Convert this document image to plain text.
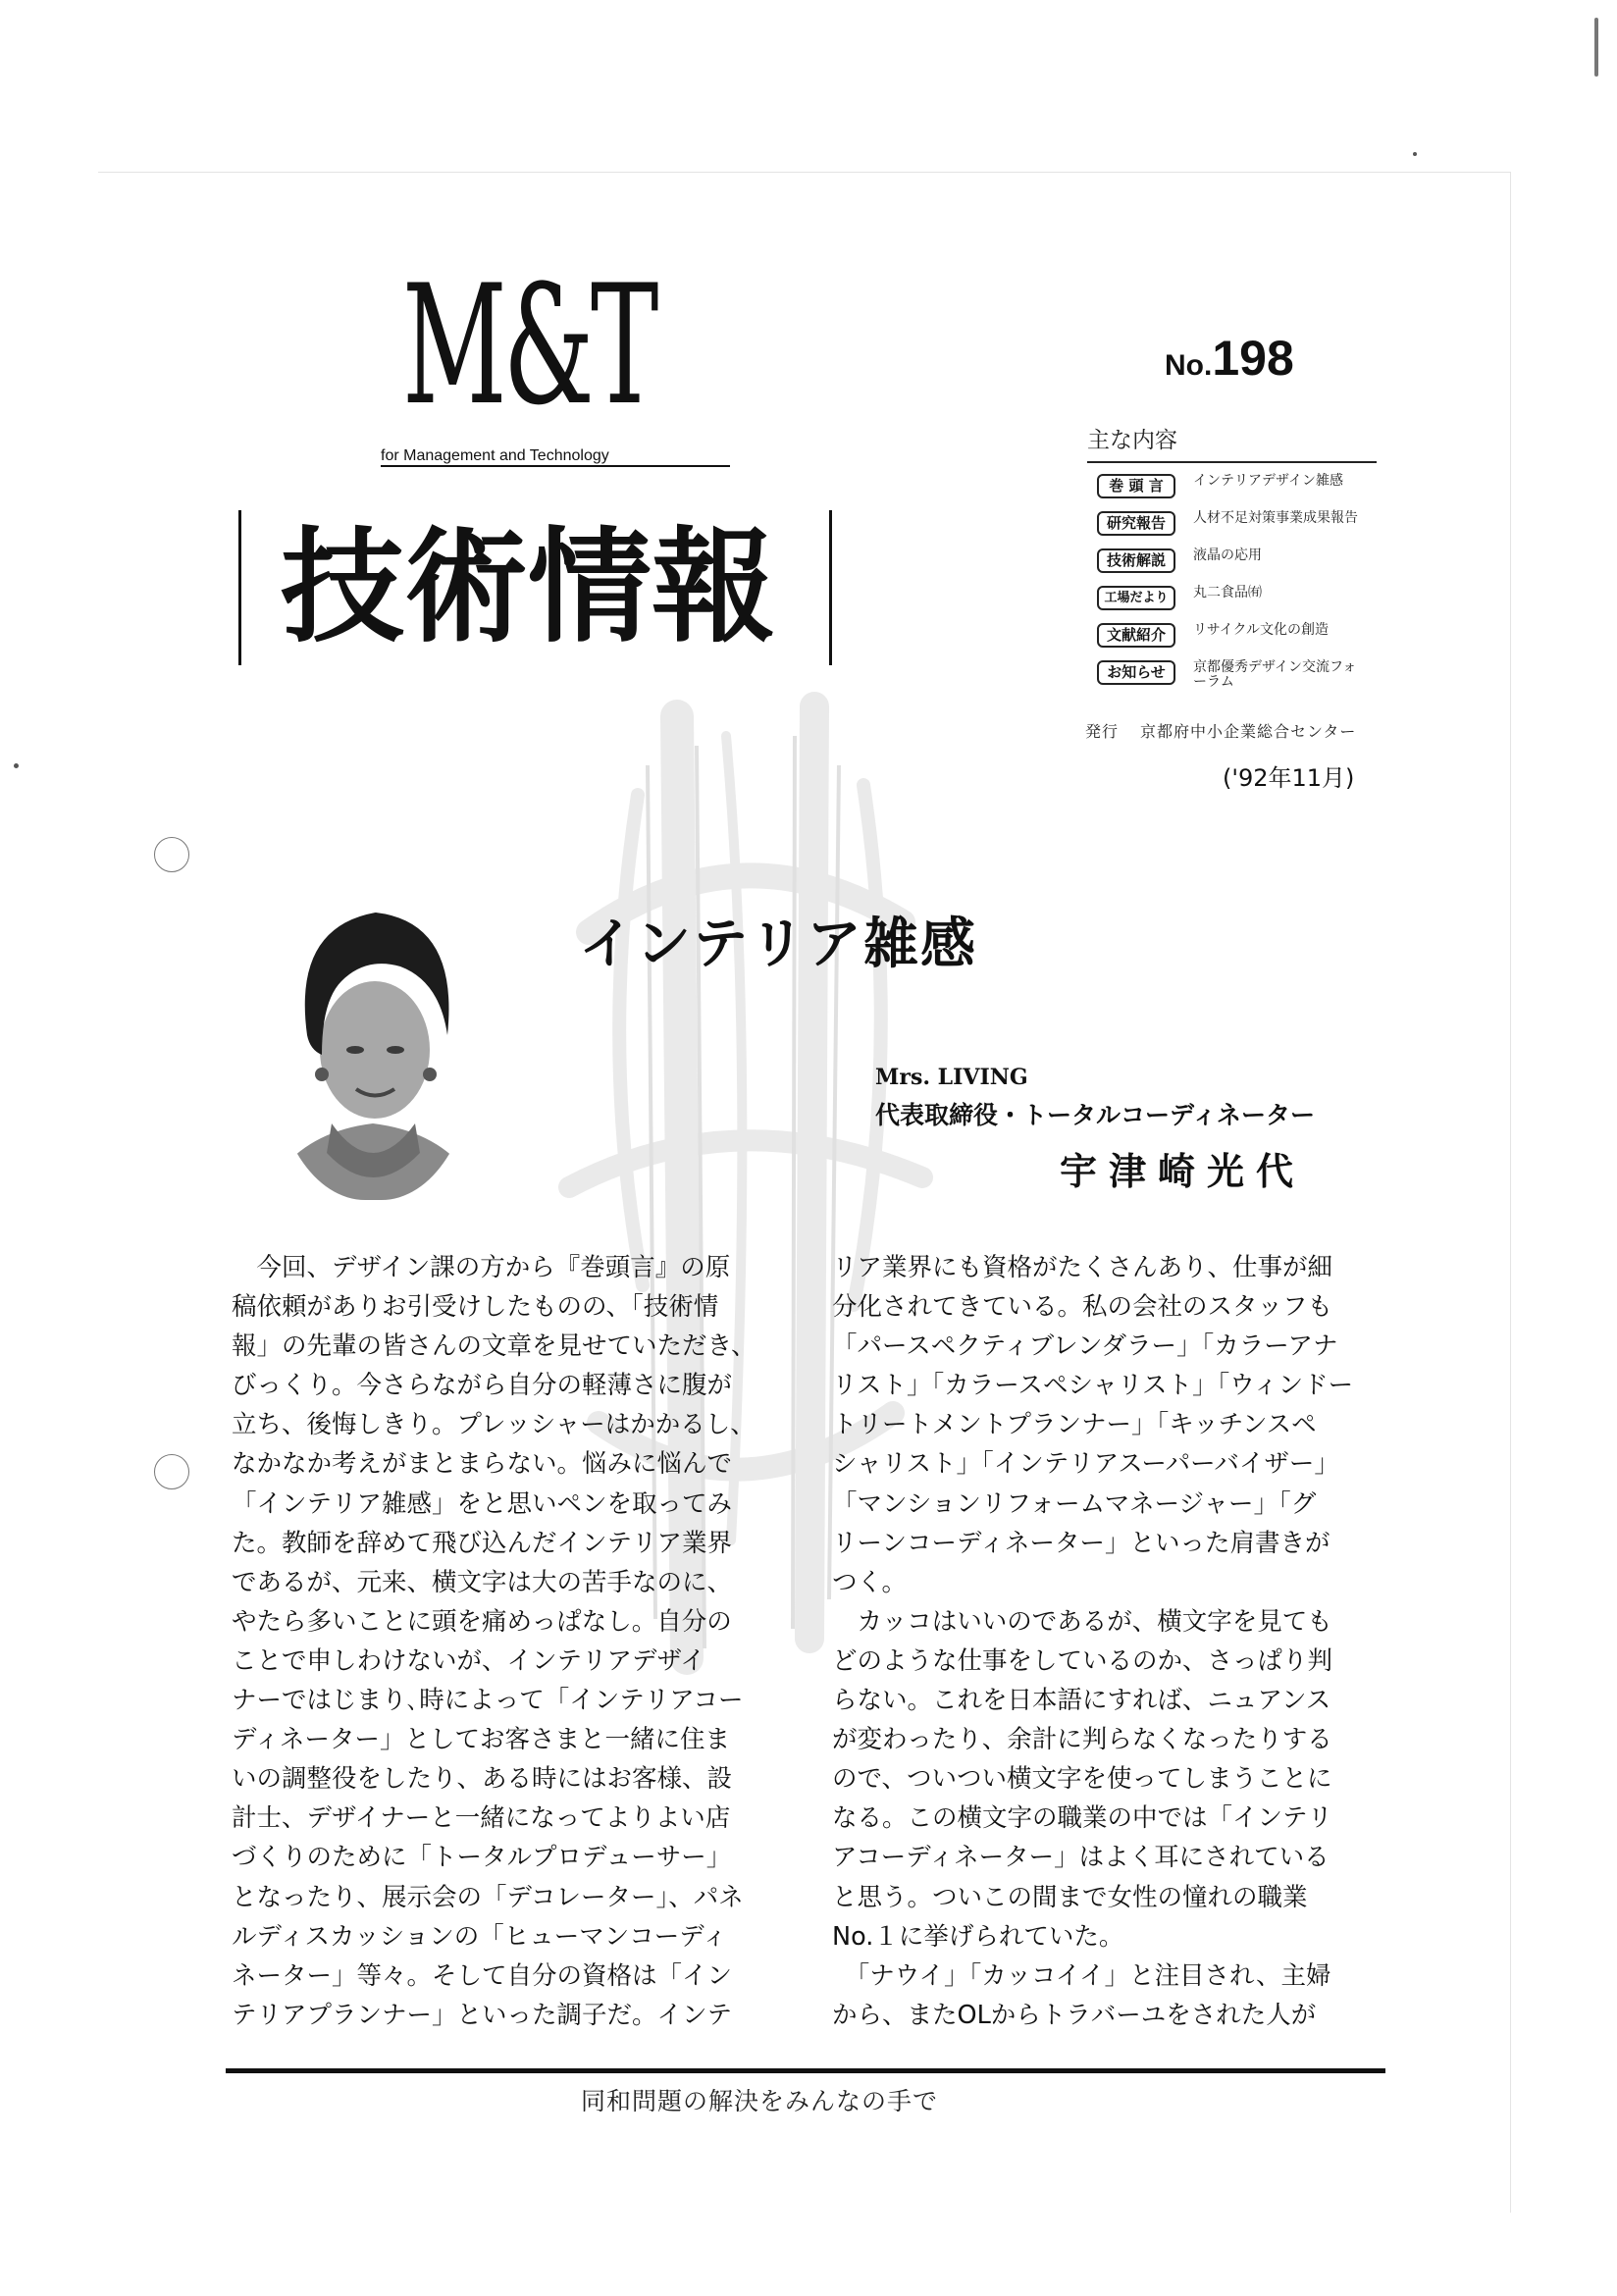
M&T
for Management and Technology
技術情報
No.198
主な内容
巻 頭 言	インテリアデザイン雑感
研究報告	人材不足対策事業成果報告
技術解説	液晶の応用
工場だより	丸二食品㈲
文献紹介	リサイクル文化の創造
お知らせ	京都優秀デザイン交流フォーラム
発行 京都府中小企業総合センター
('92年11月)
インテリア雑感
Mrs. LIVING
代表取締役・トータルコーディネーター
宇津崎光代
　今回、デザイン課の方から『巻頭言』の原
稿依頼がありお引受けしたものの、「技術情
報」の先輩の皆さんの文章を見せていただき、
びっくり。今さらながら自分の軽薄さに腹が
立ち、後悔しきり。プレッシャーはかかるし、
なかなか考えがまとまらない。悩みに悩んで
「インテリア雑感」をと思いペンを取ってみ
た。教師を辞めて飛び込んだインテリア業界
であるが、元来、横文字は大の苦手なのに、
やたら多いことに頭を痛めっぱなし。自分の
ことで申しわけないが、インテリアデザイ
ナーではじまり､時によって「インテリアコー
ディネーター」としてお客さまと一緒に住ま
いの調整役をしたり、ある時にはお客様、設
計士、デザイナーと一緒になってよりよい店
づくりのために「トータルプロデューサー」
となったり、展示会の「デコレーター」、パネ
ルディスカッションの「ヒューマンコーディ
ネーター」等々。そして自分の資格は「イン
テリアプランナー」といった調子だ。インテ
リア業界にも資格がたくさんあり、仕事が細
分化されてきている。私の会社のスタッフも
「パースペクティブレンダラー」「カラーアナ
リスト」「カラースペシャリスト」「ウィンドー
トリートメントプランナー」「キッチンスペ
シャリスト」「インテリアスーパーバイザー」
「マンションリフォームマネージャー」「グ
リーンコーディネーター」といった肩書きが
つく。
　カッコはいいのであるが、横文字を見ても
どのような仕事をしているのか、さっぱり判
らない。これを日本語にすれば、ニュアンス
が変わったり、余計に判らなくなったりする
ので、ついつい横文字を使ってしまうことに
なる。この横文字の職業の中では「インテリ
アコーディネーター」はよく耳にされている
と思う。ついこの間まで女性の憧れの職業
No.１に挙げられていた。
　「ナウイ」「カッコイイ」と注目され、主婦
から、またOLからトラバーユをされた人が
同和問題の解決をみんなの手で
